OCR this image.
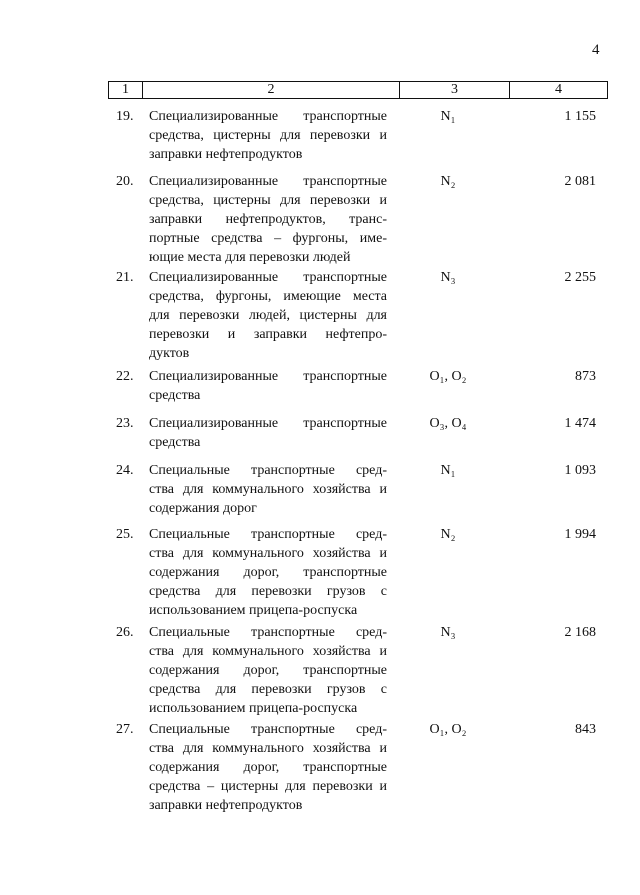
4
1	2	3	4
19. Специализированные транспортные
средства, цистерны для перевозки и
заправки нефтепродуктов
N₁	1 155
20. Специализированные транспортные
средства, цистерны для перевозки и
заправки нефтепродуктов, транс-
портные средства – фургоны, име-
ющие места для перевозки людей
N₂	2 081
21. Специализированные транспортные
средства, фургоны, имеющие места
для перевозки людей, цистерны для
перевозки и заправки нефтепро-
дуктов
N₃	2 255
22. Специализированные транспортные
средства
O₁, O₂	873
23. Специализированные транспортные
средства
O₃, O₄	1 474
24. Специальные транспортные сред-
ства для коммунального хозяйства и
содержания дорог
N₁	1 093
25. Специальные транспортные сред-
ства для коммунального хозяйства и
содержания дорог, транспортные
средства для перевозки грузов с
использованием прицепа-роспуска
N₂	1 994
26. Специальные транспортные сред-
ства для коммунального хозяйства и
содержания дорог, транспортные
средства для перевозки грузов с
использованием прицепа-роспуска
N₃	2 168
27. Специальные транспортные сред-
ства для коммунального хозяйства и
содержания дорог, транспортные
средства – цистерны для перевозки и
заправки нефтепродуктов
O₁, O₂	843
